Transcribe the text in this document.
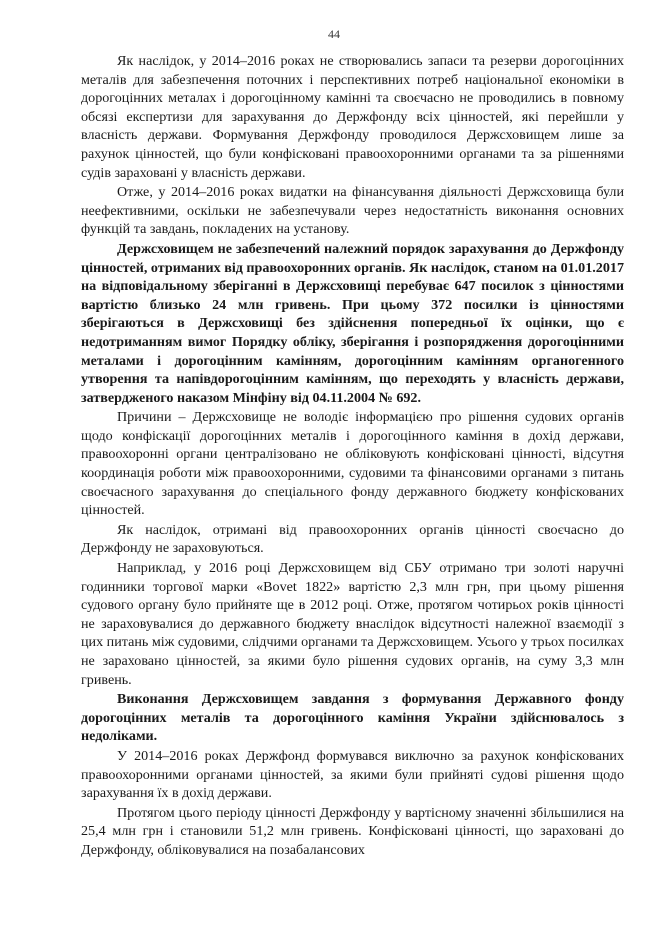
44

Як наслідок, у 2014–2016 роках не створювались запаси та резерви дорогоцінних металів для забезпечення поточних і перспективних потреб національної економіки в дорогоцінних металах і дорогоцінному камінні та своєчасно не проводились в повному обсязі експертизи для зарахування до Держфонду всіх цінностей, які перейшли у власність держави. Формування Держфонду проводилося Держсховищем лише за рахунок цінностей, що були конфісковані правоохоронними органами та за рішеннями судів зараховані у власність держави.

Отже, у 2014–2016 роках видатки на фінансування діяльності Держсховища були неефективними, оскільки не забезпечували через недостатність виконання основних функцій та завдань, покладених на установу.

Держсховищем не забезпечений належний порядок зарахування до Держфонду цінностей, отриманих від правоохоронних органів. Як наслідок, станом на 01.01.2017 на відповідальному зберіганні в Держсховищі перебуває 647 посилок з цінностями вартістю близько 24 млн гривень. При цьому 372 посилки із цінностями зберігаються в Держсховищі без здійснення попередньої їх оцінки, що є недотриманням вимог Порядку обліку, зберігання і розпорядження дорогоцінними металами і дорогоцінним камінням, дорогоцінним камінням органогенного утворення та напівдорогоцінним камінням, що переходять у власність держави, затвердженого наказом Мінфіну від 04.11.2004 № 692.

Причини – Держсховище не володіє інформацією про рішення судових органів щодо конфіскації дорогоцінних металів і дорогоцінного каміння в дохід держави, правоохоронні органи централізовано не обліковують конфісковані цінності, відсутня координація роботи між правоохоронними, судовими та фінансовими органами з питань своєчасного зарахування до спеціального фонду державного бюджету конфіскованих цінностей.

Як наслідок, отримані від правоохоронних органів цінності своєчасно до Держфонду не зараховуються.

Наприклад, у 2016 році Держсховищем від СБУ отримано три золоті наручні годинники торгової марки «Bovet 1822» вартістю 2,3 млн грн, при цьому рішення судового органу було прийняте ще в 2012 році. Отже, протягом чотирьох років цінності не зараховувалися до державного бюджету внаслідок відсутності належної взаємодії з цих питань між судовими, слідчими органами та Держсховищем. Усього у трьох посилках не зараховано цінностей, за якими було рішення судових органів, на суму 3,3 млн гривень.

Виконання Держсховищем завдання з формування Державного фонду дорогоцінних металів та дорогоцінного каміння України здійснювалось з недоліками.

У 2014–2016 роках Держфонд формувався виключно за рахунок конфіскованих правоохоронними органами цінностей, за якими були прийняті судові рішення щодо зарахування їх в дохід держави.

Протягом цього періоду цінності Держфонду у вартісному значенні збільшилися на 25,4 млн грн і становили 51,2 млн гривень. Конфісковані цінності, що зараховані до Держфонду, обліковувалися на позабалансових
